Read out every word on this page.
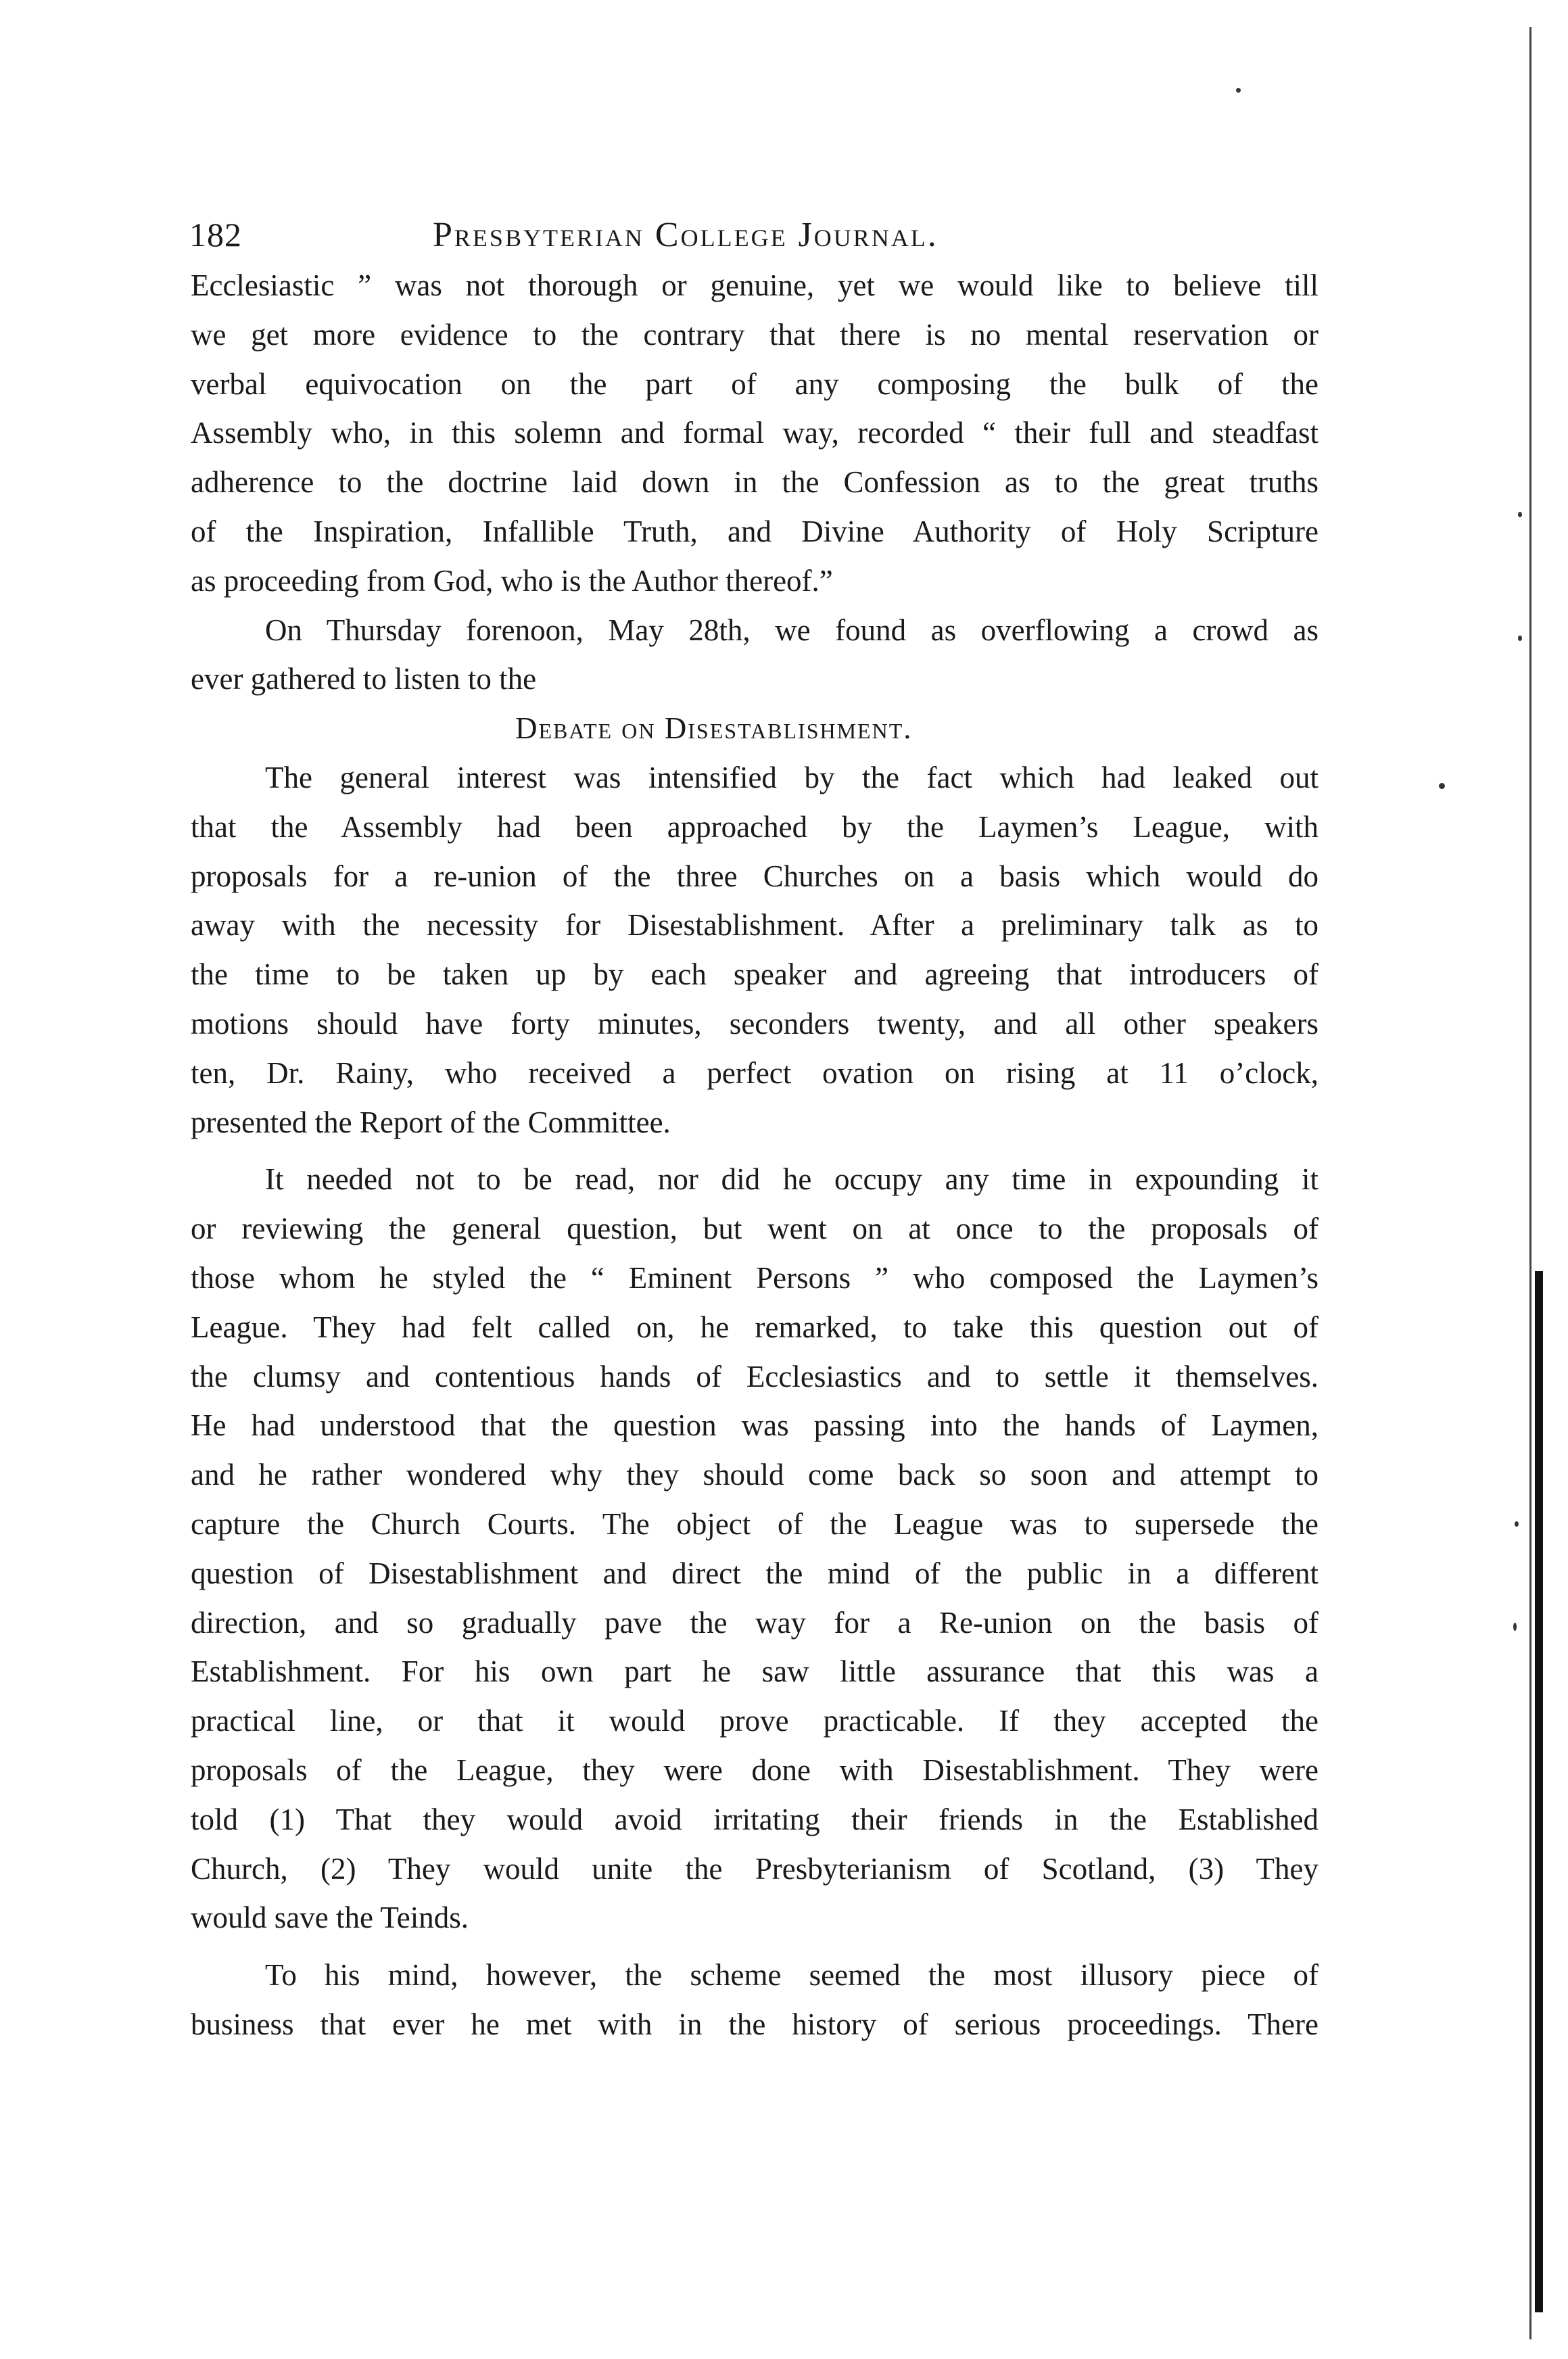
182	Presbyterian College Journal.

Ecclesiastic ” was not thorough or genuine, yet we would like to believe till
we get more evidence to the contrary that there is no mental reservation or
verbal equivocation on the part of any composing the bulk of the
Assembly who, in this solemn and formal way, recorded “ their full and steadfast
adherence to the doctrine laid down in the Confession as to the great truths
of the Inspiration, Infallible Truth, and Divine Authority of Holy Scripture
as proceeding from God, who is the Author thereof.”

On Thursday forenoon, May 28th, we found as overflowing a crowd as
ever gathered to listen to the

Debate on Disestablishment.

The general interest was intensified by the fact which had leaked out
that the Assembly had been approached by the Laymen’s League, with
proposals for a re-union of the three Churches on a basis which would do
away with the necessity for Disestablishment. After a preliminary talk as to
the time to be taken up by each speaker and agreeing that introducers of
motions should have forty minutes, seconders twenty, and all other speakers
ten, Dr. Rainy, who received a perfect ovation on rising at 11 o’clock,
presented the Report of the Committee.

It needed not to be read, nor did he occupy any time in expounding it
or reviewing the general question, but went on at once to the proposals of
those whom he styled the “ Eminent Persons ” who composed the Laymen’s
League. They had felt called on, he remarked, to take this question out of
the clumsy and contentious hands of Ecclesiastics and to settle it themselves.
He had understood that the question was passing into the hands of Laymen,
and he rather wondered why they should come back so soon and attempt to
capture the Church Courts. The object of the League was to supersede the
question of Disestablishment and direct the mind of the public in a different
direction, and so gradually pave the way for a Re-union on the basis of
Establishment. For his own part he saw little assurance that this was a
practical line, or that it would prove practicable. If they accepted the
proposals of the League, they were done with Disestablishment. They were
told (1) That they would avoid irritating their friends in the Established
Church, (2) They would unite the Presbyterianism of Scotland, (3) They
would save the Teinds.

To his mind, however, the scheme seemed the most illusory piece of
business that ever he met with in the history of serious proceedings. There
